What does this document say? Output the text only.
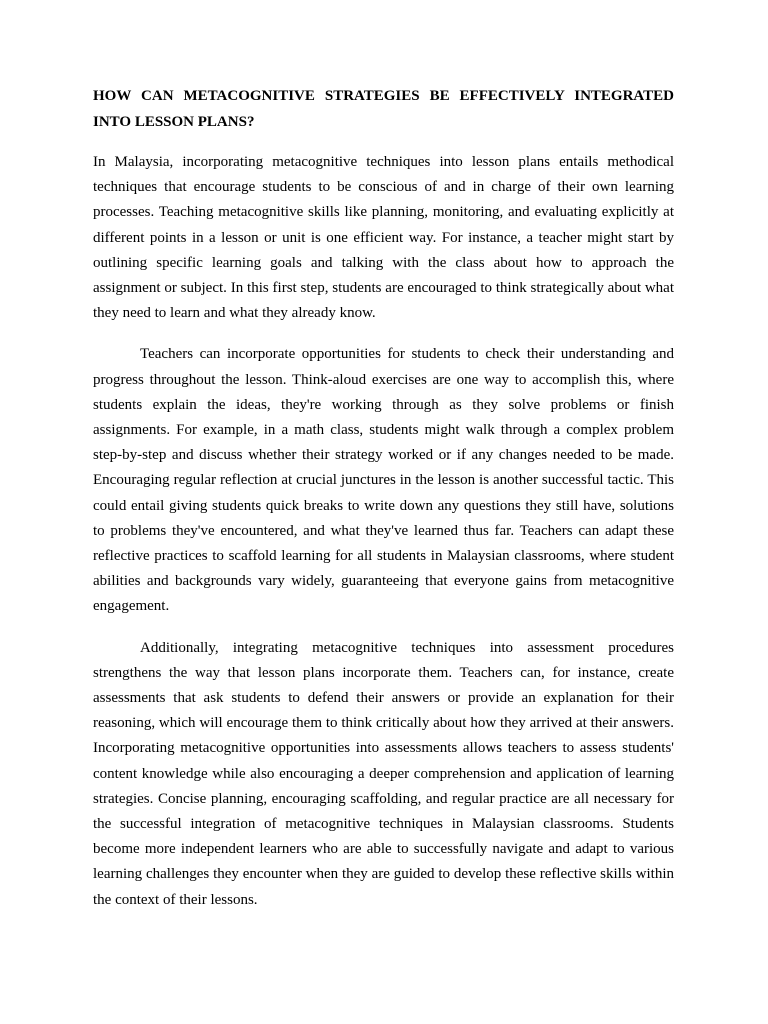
HOW CAN METACOGNITIVE STRATEGIES BE EFFECTIVELY INTEGRATED INTO LESSON PLANS?

In Malaysia, incorporating metacognitive techniques into lesson plans entails methodical techniques that encourage students to be conscious of and in charge of their own learning processes. Teaching metacognitive skills like planning, monitoring, and evaluating explicitly at different points in a lesson or unit is one efficient way. For instance, a teacher might start by outlining specific learning goals and talking with the class about how to approach the assignment or subject. In this first step, students are encouraged to think strategically about what they need to learn and what they already know.

Teachers can incorporate opportunities for students to check their understanding and progress throughout the lesson. Think-aloud exercises are one way to accomplish this, where students explain the ideas, they're working through as they solve problems or finish assignments. For example, in a math class, students might walk through a complex problem step-by-step and discuss whether their strategy worked or if any changes needed to be made. Encouraging regular reflection at crucial junctures in the lesson is another successful tactic. This could entail giving students quick breaks to write down any questions they still have, solutions to problems they've encountered, and what they've learned thus far. Teachers can adapt these reflective practices to scaffold learning for all students in Malaysian classrooms, where student abilities and backgrounds vary widely, guaranteeing that everyone gains from metacognitive engagement.

Additionally, integrating metacognitive techniques into assessment procedures strengthens the way that lesson plans incorporate them. Teachers can, for instance, create assessments that ask students to defend their answers or provide an explanation for their reasoning, which will encourage them to think critically about how they arrived at their answers. Incorporating metacognitive opportunities into assessments allows teachers to assess students' content knowledge while also encouraging a deeper comprehension and application of learning strategies. Concise planning, encouraging scaffolding, and regular practice are all necessary for the successful integration of metacognitive techniques in Malaysian classrooms. Students become more independent learners who are able to successfully navigate and adapt to various learning challenges they encounter when they are guided to develop these reflective skills within the context of their lessons.
